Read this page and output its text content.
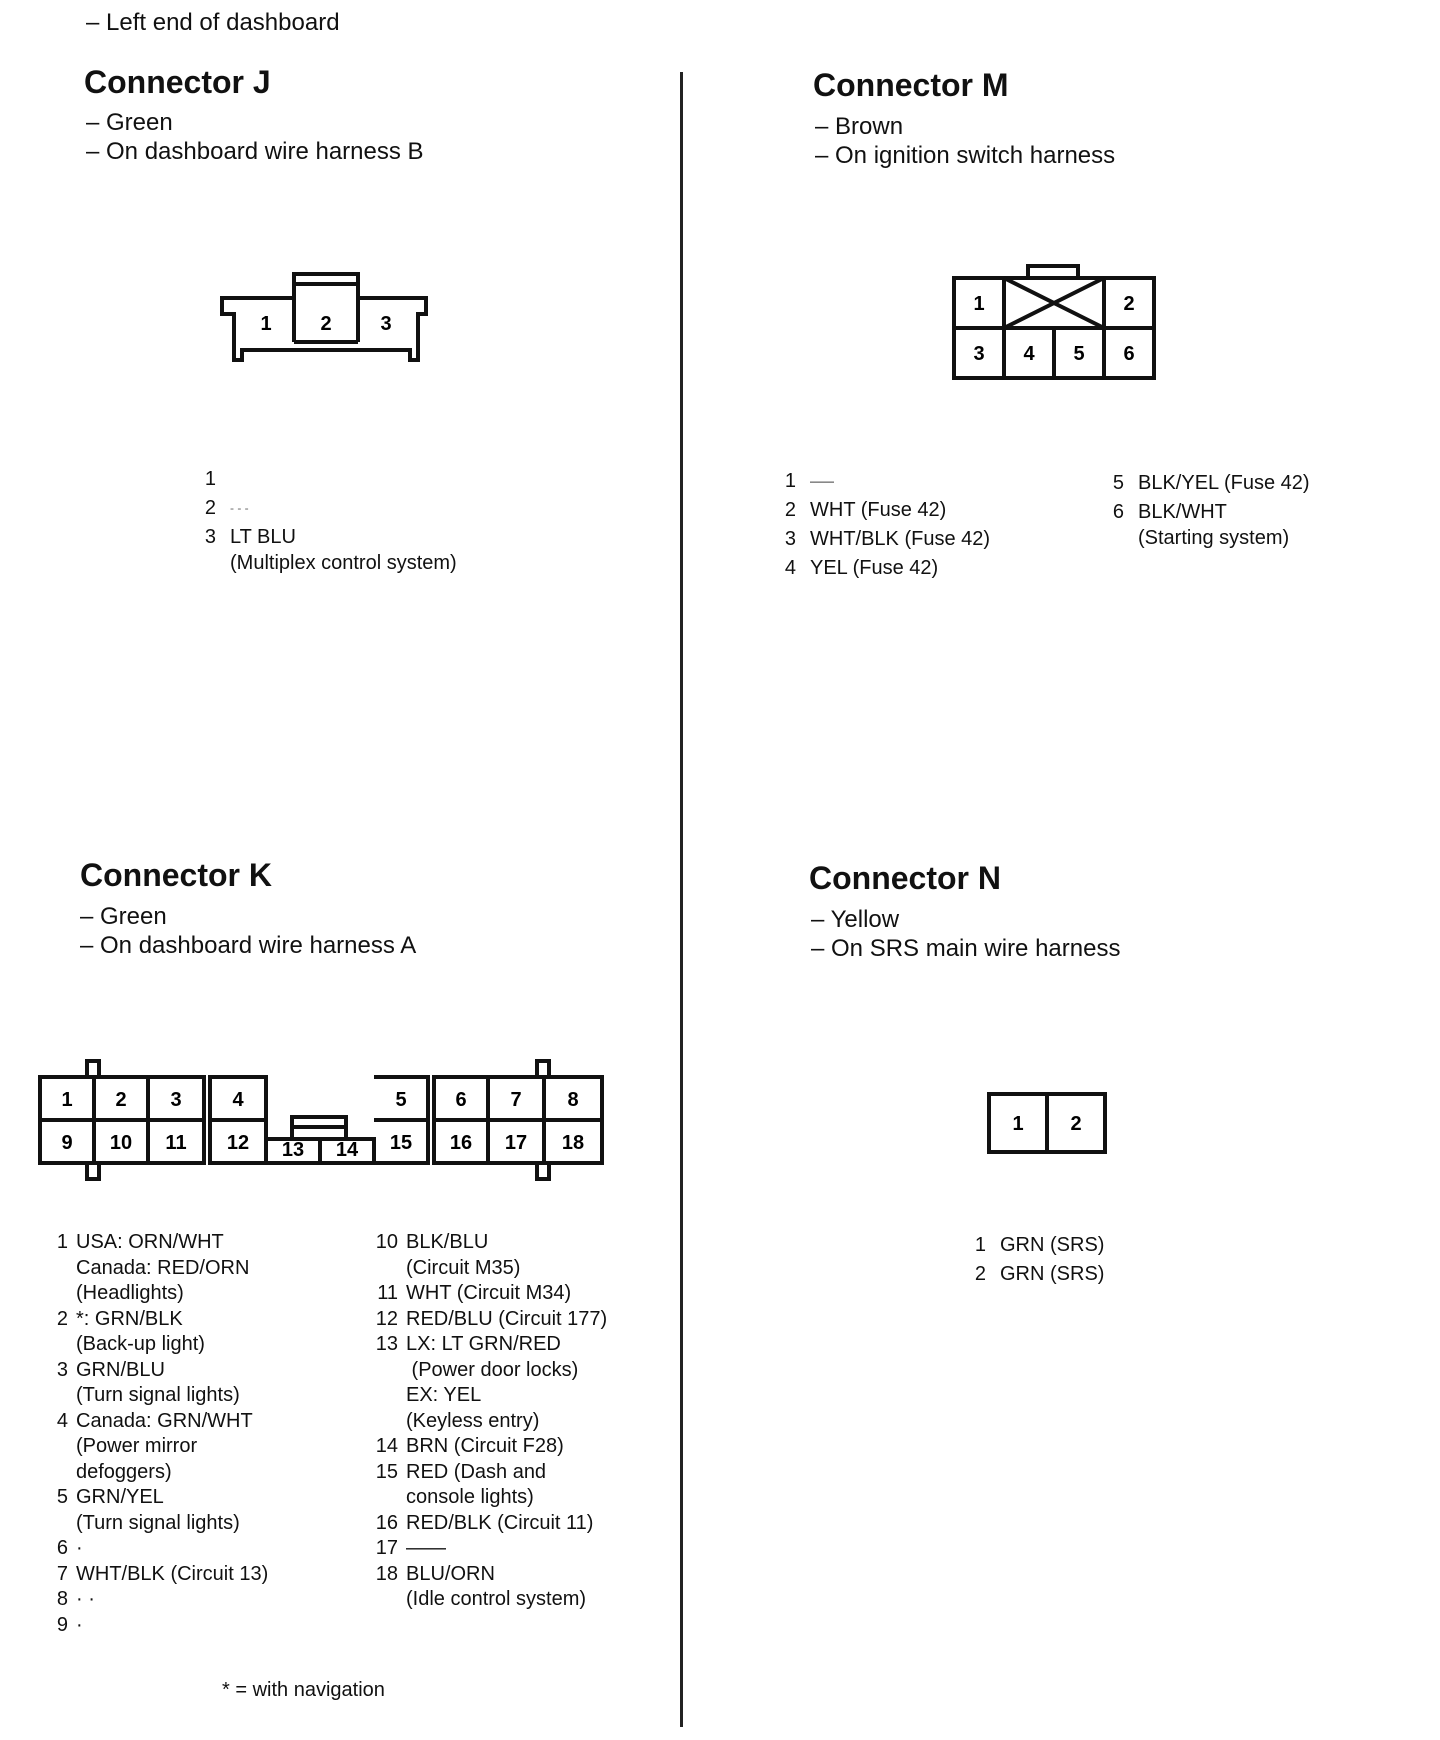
– Left end of dashboard
Connector J
– Green
– On dashboard wire harness B
1 2 3
1
2 - - -
3 LT BLU
(Multiplex control system)
Connector M
– Brown
– On ignition switch harness
1	2
3 4 5 6
1 ——
2 WHT (Fuse 42)
3 WHT/BLK (Fuse 42)
4 YEL (Fuse 42)
5 BLK/YEL (Fuse 42)
6 BLK/WHT
(Starting system)
Connector K
– Green
– On dashboard wire harness A
1 2 3	4	5 6 7 8
9 10 11 12 13 14 15 16 17 18
1 USA: ORN/WHT
Canada: RED/ORN
(Headlights)
2 *: GRN/BLK
(Back-up light)
3 GRN/BLU
(Turn signal lights)
4 Canada: GRN/WHT
(Power mirror
defoggers)
5 GRN/YEL
(Turn signal lights)
6 ·
7 WHT/BLK (Circuit 13)
8 · ·
9 ·
10 BLK/BLU
(Circuit M35)
11 WHT (Circuit M34)
12 RED/BLU (Circuit 177)
13 LX: LT GRN/RED
(Power door locks)
EX: YEL
(Keyless entry)
14 BRN (Circuit F28)
15 RED (Dash and
console lights)
16 RED/BLK (Circuit 11)
17 ——
18 BLU/ORN
(Idle control system)
* = with navigation
Connector N
– Yellow
– On SRS main wire harness
1 2
1 GRN (SRS)
2 GRN (SRS)
